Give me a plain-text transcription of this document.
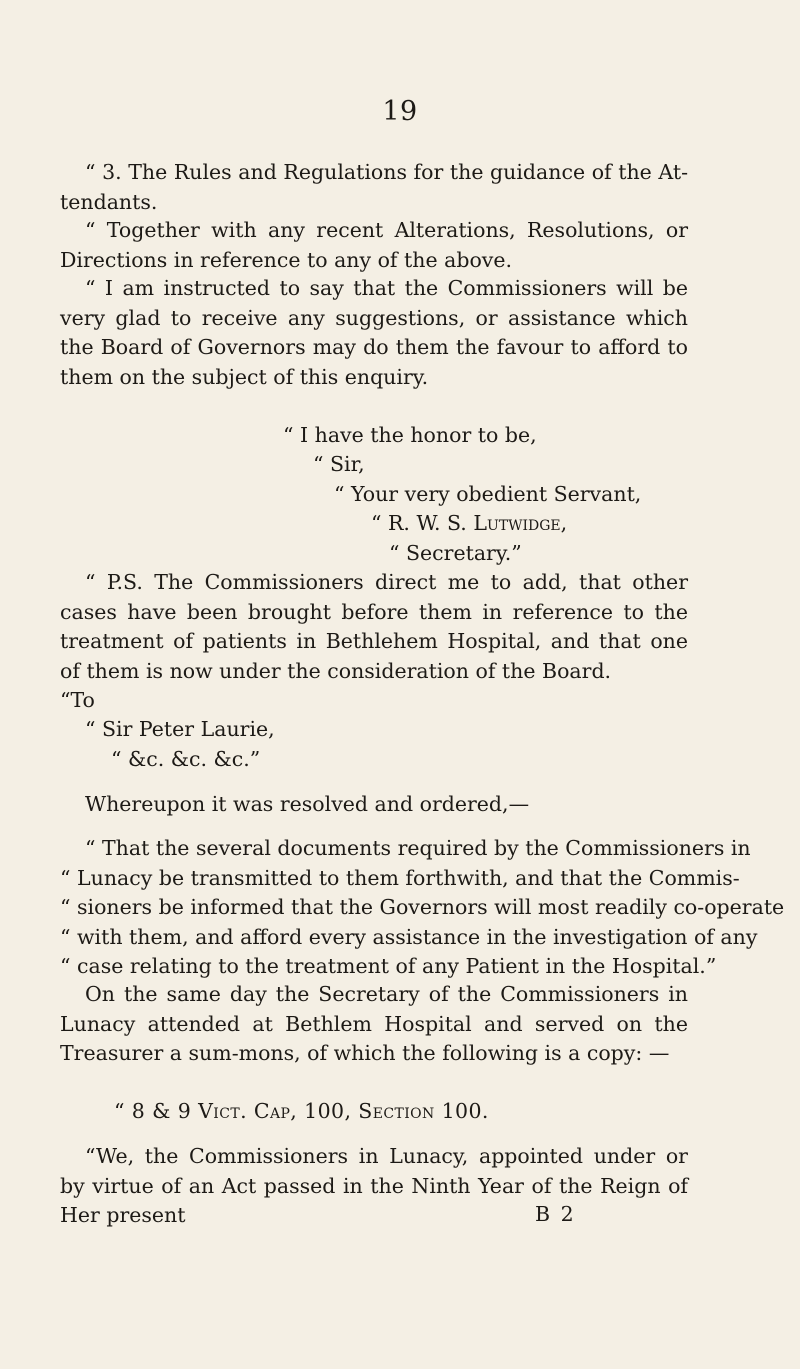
19
“ 3. The Rules and Regulations for the guidance of the At-tendants.
“ Together with any recent Alterations, Resolutions, or Directions in reference to any of the above.
“ I am instructed to say that the Commissioners will be very glad to receive any suggestions, or assistance which the Board of Governors may do them the favour to afford to them on the subject of this enquiry.
“ I have the honor to be,
“ Sir,
“ Your very obedient Servant,
“ R. W. S. Lutwidge,
“ Secretary.”
“ P.S. The Commissioners direct me to add, that other cases have been brought before them in reference to the treatment of patients in Bethlehem Hospital, and that one of them is now under the consideration of the Board.
“To
“ Sir Peter Laurie,
“ &c. &c. &c.”
Whereupon it was resolved and ordered,—
“ That the several documents required by the Commissioners in
“ Lunacy be transmitted to them forthwith, and that the Commis-
“ sioners be informed that the Governors will most readily co-operate
“ with them, and afford every assistance in the investigation of any
“ case relating to the treatment of any Patient in the Hospital.”
On the same day the Secretary of the Commissioners in Lunacy attended at Bethlem Hospital and served on the Treasurer a sum-mons, of which the following is a copy: —
“ 8 & 9 Vict. Cap, 100, Section 100.
“We, the Commissioners in Lunacy, appointed under or by virtue of an Act passed in the Ninth Year of the Reign of Her present	B 2
